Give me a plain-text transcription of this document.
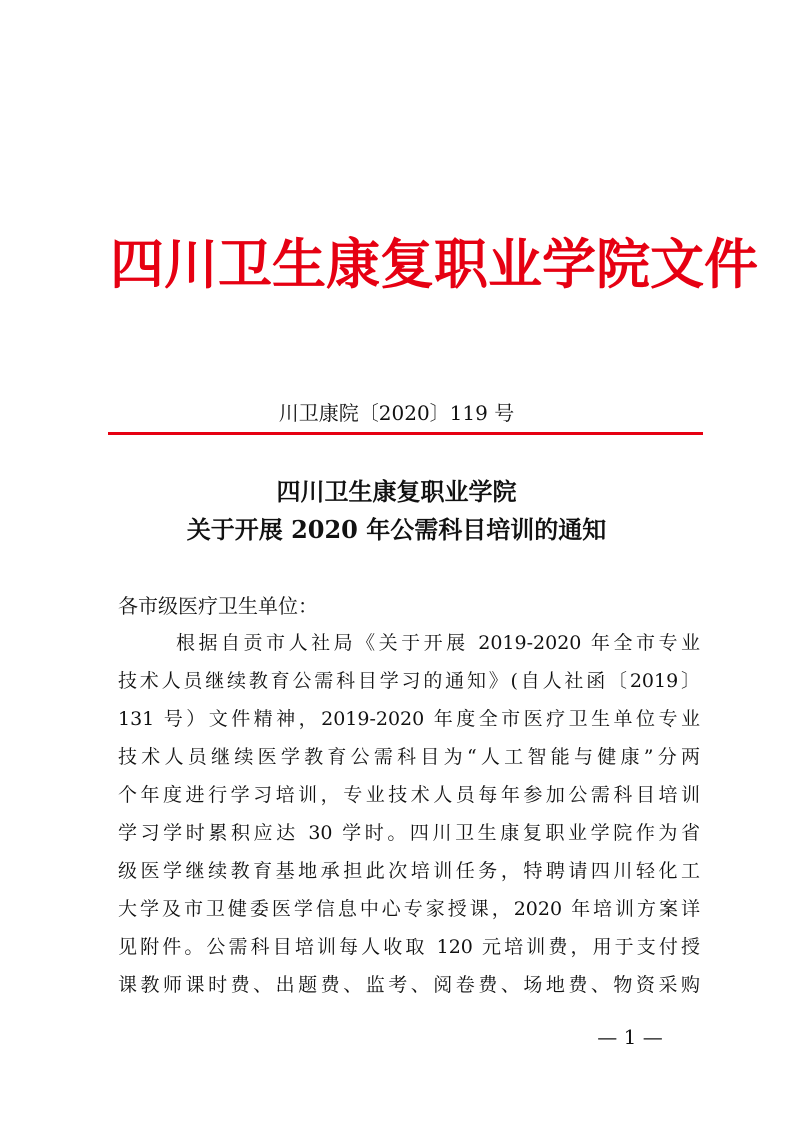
四川卫生康复职业学院文件
川卫康院〔2020〕119 号
四川卫生康复职业学院
关于开展 2020 年公需科目培训的通知
各市级医疗卫生单位：
根据自贡市人社局《关于开展 2019-2020 年全市专业
技术人员继续教育公需科目学习的通知》(自人社函〔2019〕
131 号）文件精神，2019-2020 年度全市医疗卫生单位专业
技术人员继续医学教育公需科目为“人工智能与健康”分两
个年度进行学习培训，专业技术人员每年参加公需科目培训
学习学时累积应达 30 学时。四川卫生康复职业学院作为省
级医学继续教育基地承担此次培训任务，特聘请四川轻化工
大学及市卫健委医学信息中心专家授课，2020 年培训方案详
见附件。公需科目培训每人收取 120 元培训费，用于支付授
课教师课时费、出题费、监考、阅卷费、场地费、物资采购
— 1 —
